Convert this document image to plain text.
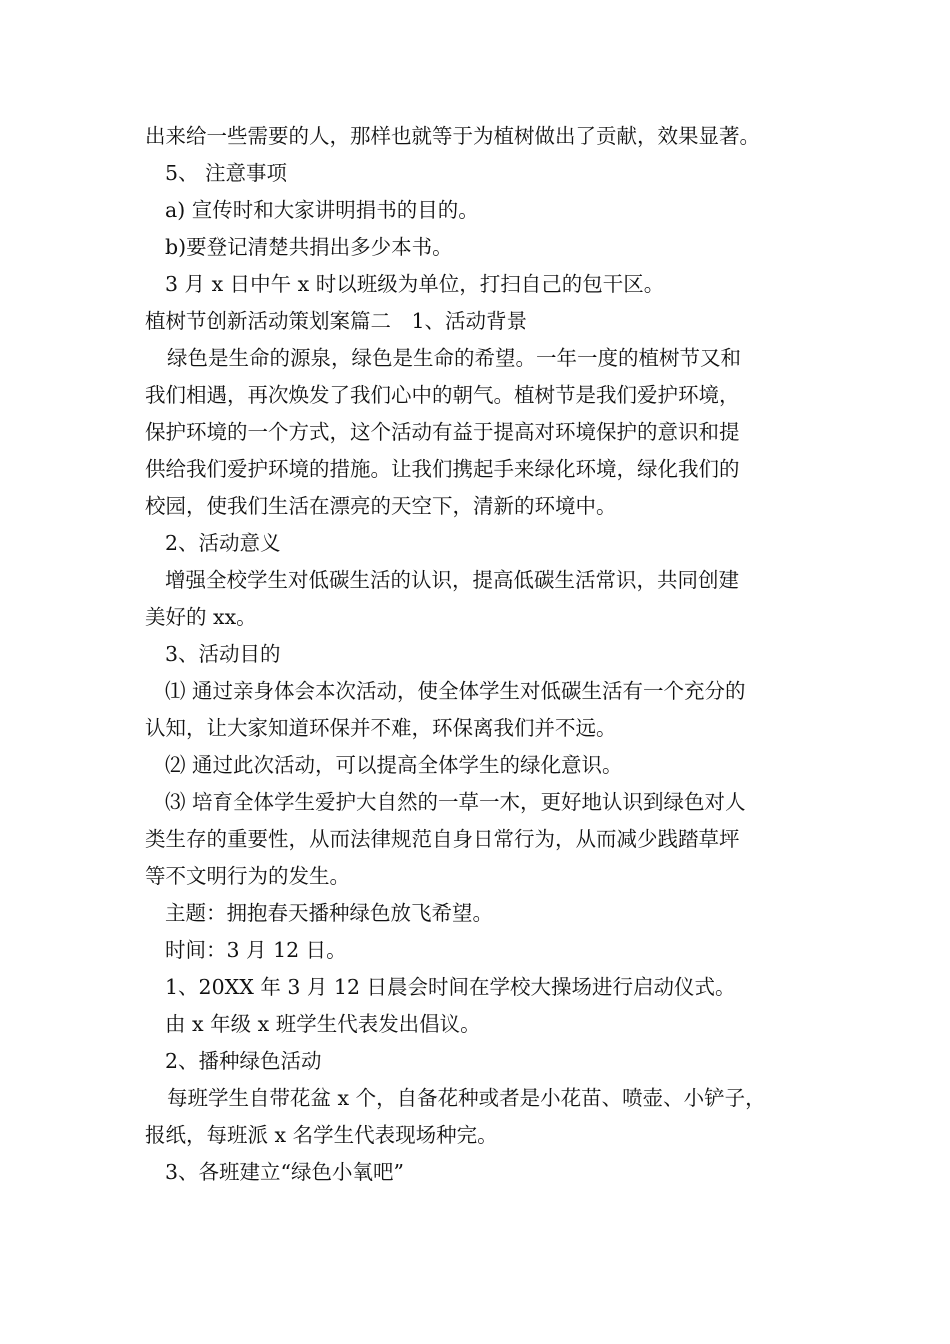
出来给一些需要的人，那样也就等于为植树做出了贡献，效果显著。
5、 注意事项
a) 宣传时和大家讲明捐书的目的。
b)要登记清楚共捐出多少本书。
3 月 x 日中午 x 时以班级为单位，打扫自己的包干区。
植树节创新活动策划案篇二　1、活动背景
绿色是生命的源泉，绿色是生命的希望。一年一度的植树节又和
我们相遇，再次焕发了我们心中的朝气。植树节是我们爱护环境，
保护环境的一个方式，这个活动有益于提高对环境保护的意识和提
供给我们爱护环境的措施。让我们携起手来绿化环境，绿化我们的
校园，使我们生活在漂亮的天空下，清新的环境中。
2、活动意义
增强全校学生对低碳生活的认识，提高低碳生活常识，共同创建
美好的 xx。
3、活动目的
⑴ 通过亲身体会本次活动，使全体学生对低碳生活有一个充分的
认知，让大家知道环保并不难，环保离我们并不远。
⑵ 通过此次活动，可以提高全体学生的绿化意识。
⑶ 培育全体学生爱护大自然的一草一木，更好地认识到绿色对人
类生存的重要性，从而法律规范自身日常行为，从而减少践踏草坪
等不文明行为的发生。
主题：拥抱春天播种绿色放飞希望。
时间：3 月 12 日。
1、20XX 年 3 月 12 日晨会时间在学校大操场进行启动仪式。
由 x 年级 x 班学生代表发出倡议。
2、播种绿色活动
每班学生自带花盆 x 个，自备花种或者是小花苗、喷壶、小铲子，
报纸，每班派 x 名学生代表现场种完。
3、各班建立“绿色小氧吧”
